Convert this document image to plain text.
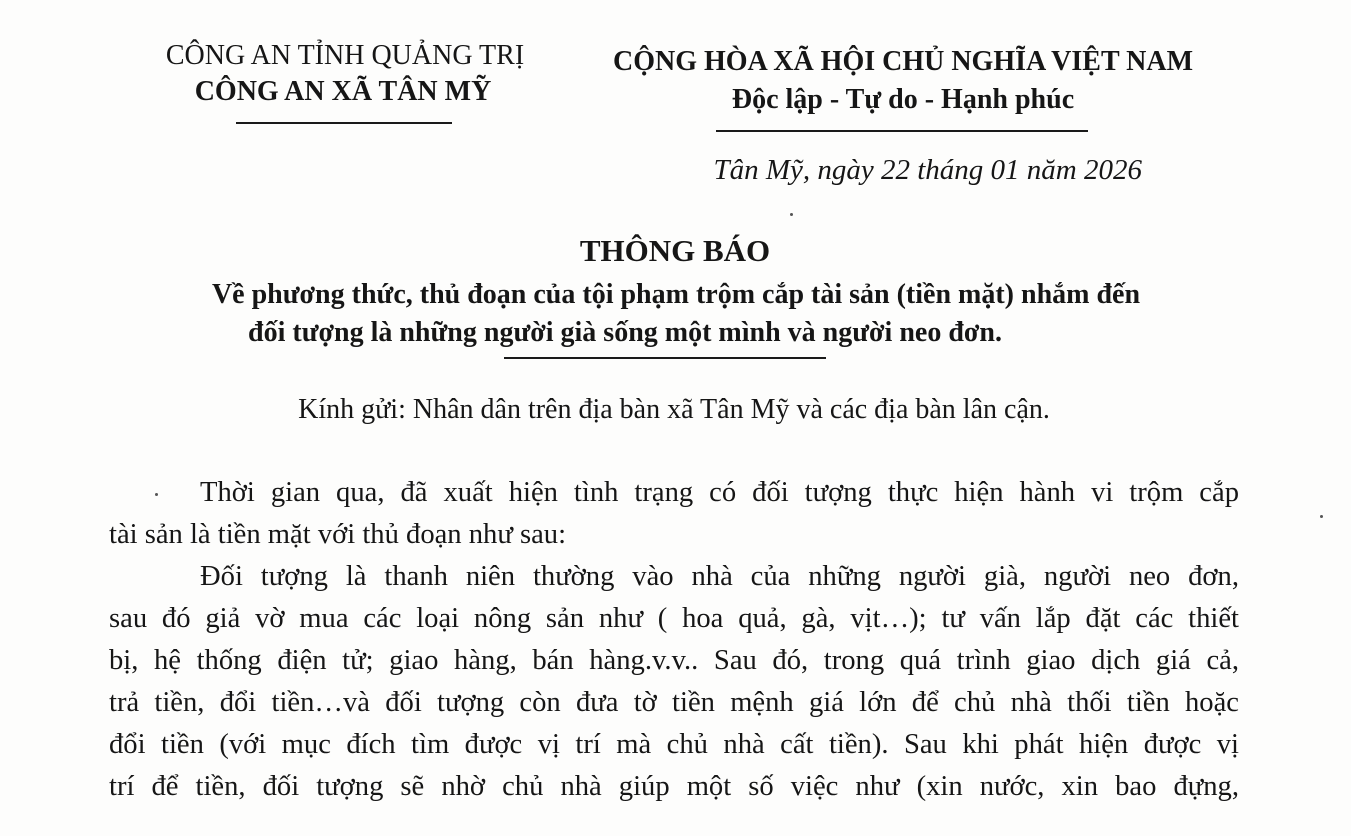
CÔNG AN TỈNH QUẢNG TRỊ
CÔNG AN XÃ TÂN MỸ
CỘNG HÒA XÃ HỘI CHỦ NGHĨA VIỆT NAM
Độc lập - Tự do - Hạnh phúc
Tân Mỹ, ngày 22 tháng 01 năm 2026
THÔNG BÁO
Về phương thức, thủ đoạn của tội phạm trộm cắp tài sản (tiền mặt) nhắm đến
đối tượng là những người già sống một mình và người neo đơn.
Kính gửi: Nhân dân trên địa bàn xã Tân Mỹ và các địa bàn lân cận.
Thời gian qua, đã xuất hiện tình trạng có đối tượng thực hiện hành vi trộm cắp
tài sản là tiền mặt với thủ đoạn như sau:
Đối tượng là thanh niên thường vào nhà của những người già, người neo đơn,
sau đó giả vờ mua các loại nông sản như ( hoa quả, gà, vịt…); tư vấn lắp đặt các thiết
bị, hệ thống điện tử; giao hàng, bán hàng.v.v.. Sau đó, trong quá trình giao dịch giá cả,
trả tiền, đổi tiền…và đối tượng còn đưa tờ tiền mệnh giá lớn để chủ nhà thối tiền hoặc
đổi tiền (với mục đích tìm được vị trí mà chủ nhà cất tiền). Sau khi phát hiện được vị
trí để tiền, đối tượng sẽ nhờ chủ nhà giúp một số việc như (xin nước, xin bao đựng,
